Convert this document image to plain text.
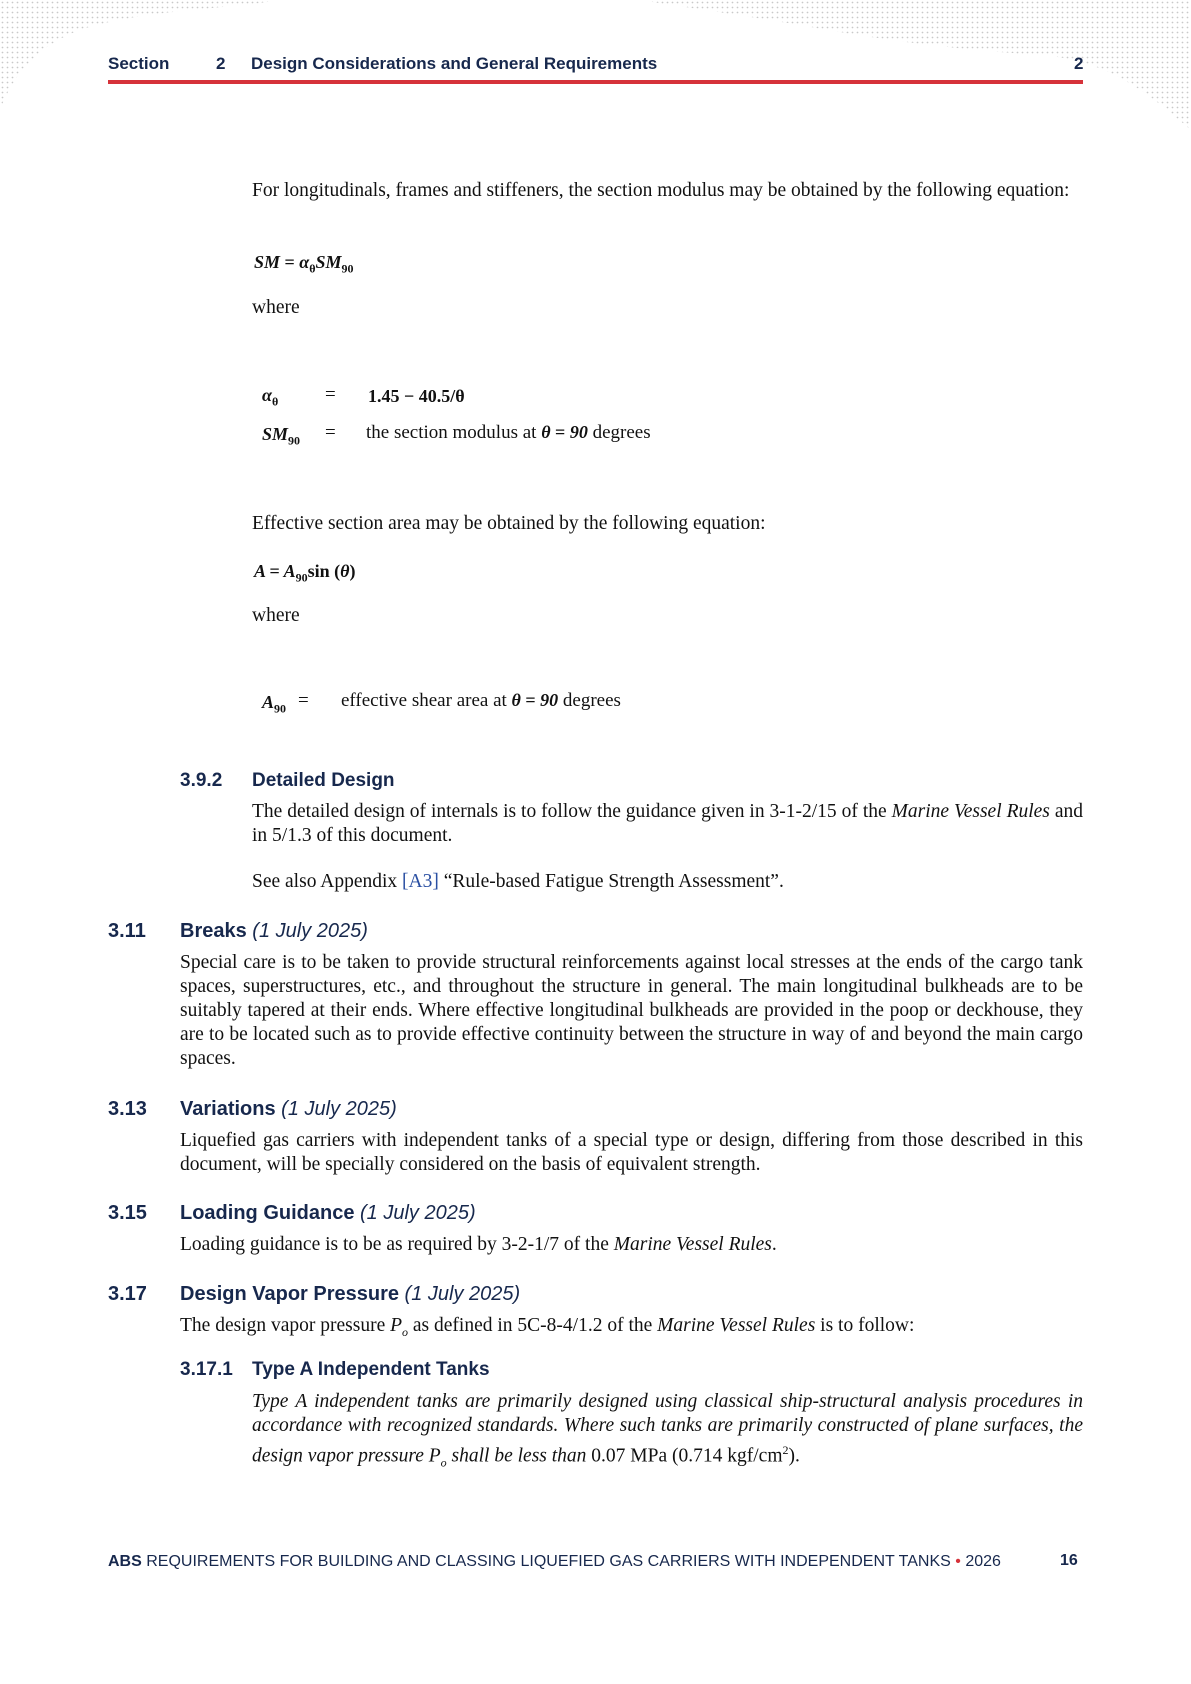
Section	2 Design Considerations and General Requirements	2

For longitudinals, frames and stiffeners, the section modulus may be obtained by the following equation:

SM = $\alpha_\theta SM_{90}$

where

$\alpha_\theta = 1.45 - 40.5/\theta$
$SM_{90}$ = the section modulus at θ = 90 degrees

Effective section area may be obtained by the following equation:

$A = A_{90}\sin$ (θ)

where

$A_{90}$ = effective shear area at θ = 90 degrees
3.9.2 Detailed Design

The detailed design of internals is to follow the guidance given in 3-1-2/15 of the Marine Vessel Rules and in 5/1.3 of this document.

See also Appendix [A3] “Rule-based Fatigue Strength Assessment”.

3.11 Breaks (1 July 2025)

Special care is to be taken to provide structural reinforcements against local stresses at the ends of the cargo tank spaces, superstructures, etc., and throughout the structure in general. The main longitudinal bulkheads are to be suitably tapered at their ends. Where effective longitudinal bulkheads are provided in the poop or deckhouse, they are to be located such as to provide effective continuity between the structure in way of and beyond the main cargo spaces.

3.13 Variations (1 July 2025)

Liquefied gas carriers with independent tanks of a special type or design, differing from those described in this document, will be specially considered on the basis of equivalent strength.

3.15 Loading Guidance (1 July 2025)

Loading guidance is to be as required by 3-2-1/7 of the Marine Vessel Rules.

3.17 Design Vapor Pressure (1 July 2025)

The design vapor pressure $P_o$ as defined in 5C-8-4/1.2 of the Marine Vessel Rules is to follow:

3.17.1 Type A Independent Tanks

Type A independent tanks are primarily designed using classical ship-structural analysis procedures in accordance with recognized standards. Where such tanks are primarily constructed of plane surfaces, the design vapor pressure $P_o$ shall be less than 0.07 MPa (0.714 kgf/$cm^2$).

ABS REQUIREMENTS FOR BUILDING AND CLASSING LIQUEFIED GAS CARRIERS WITH INDEPENDENT TANKS • 2026	16
